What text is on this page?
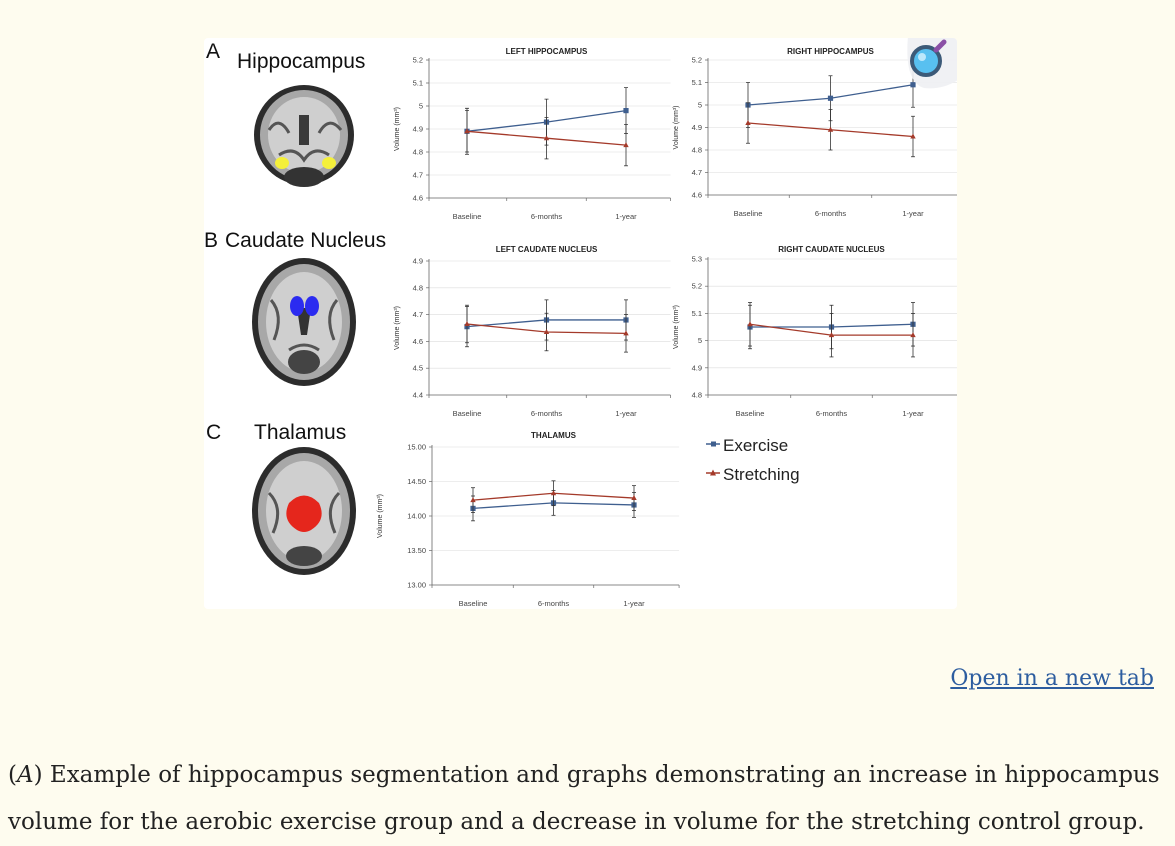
A Hippocampus
B Caudate Nucleus
C Thalamus
LEFT HIPPOCAMPUS
Volume (mm³)
4.6
4.7
4.8
4.9
5
5.1
5.2
Baseline	6-months	1-year
RIGHT HIPPOCAMPUS
Volume (mm³)
4.6
4.7
4.8
4.9
5
5.1
5.2
Baseline	6-months	1-year
LEFT CAUDATE NUCLEUS
Volume (mm³)
4.4
4.5
4.6
4.7
4.8
4.9
Baseline	6-months	1-year
RIGHT CAUDATE NUCLEUS
Volume (mm³)
4.8
4.9
5
5.1
5.2
5.3
Baseline	6-months	1-year
THALAMUS
Volume (mm³)
13.00
13.50
14.00
14.50
15.00
Baseline	6-months	1-year
Exercise
Stretching
Open in a new tab

(A) Example of hippocampus segmentation and graphs demonstrating an increase in hippocampus volume for the aerobic exercise group and a decrease in volume for the stretching control group.
